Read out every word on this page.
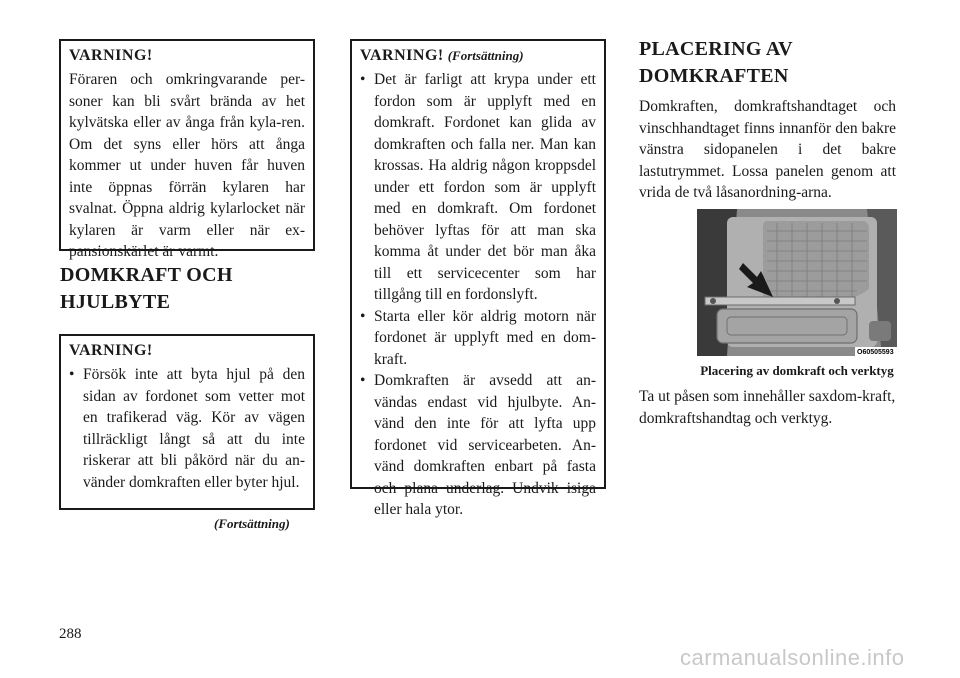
VARNING!

Föraren och omkringvarande per-soner kan bli svårt brända av het kylvätska eller av ånga från kyla-ren. Om det syns eller hörs att ånga kommer ut under huven får huven inte öppnas förrän kylaren har svalnat. Öppna aldrig kylarlocket när kylaren är varm eller när ex-pansionskärlet är varmt.

DOMKRAFT OCH
HJULBYTE
VARNING!
• Försök inte att byta hjul på den sidan av fordonet som vetter mot en trafikerad väg. Kör av vägen tillräckligt långt så att du inte riskerar att bli påkörd när du an-vänder domkraften eller byter hjul.
(Fortsättning)
VARNING! (Fortsättning)
• Det är farligt att krypa under ett fordon som är upplyft med en domkraft. Fordonet kan glida av domkraften och falla ner. Man kan krossas. Ha aldrig någon kroppsdel under ett fordon som är upplyft med en domkraft. Om fordonet behöver lyftas för att man ska komma åt under det bör man åka till ett servicecenter som har tillgång till en fordonslyft.
• Starta eller kör aldrig motorn när fordonet är upplyft med en dom-kraft.
• Domkraften är avsedd att an-vändas endast vid hjulbyte. An-vänd den inte för att lyfta upp fordonet vid servicearbeten. An-vänd domkraften enbart på fasta och plana underlag. Undvik isiga eller hala ytor.
PLACERING AV
DOMKRAFTEN

Domkraften, domkraftshandtaget och vinschhandtaget finns innanför den bakre vänstra sidopanelen i det bakre lastutrymmet. Lossa panelen genom att vrida de två låsanordning-arna.

O60505593
Placering av domkraft och verktyg

Ta ut påsen som innehåller saxdom-kraft, domkraftshandtag och verktyg.

288
carmanualsonline.info
